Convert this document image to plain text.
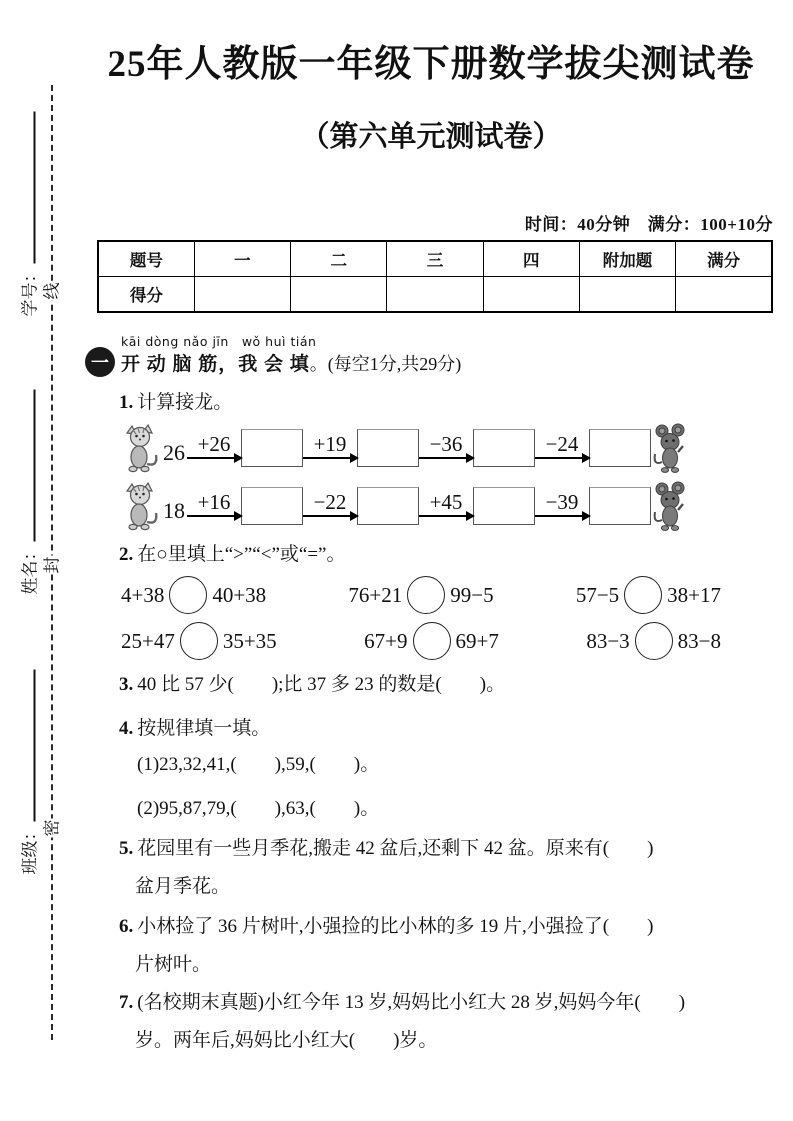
线
封
密
学号：
姓名：
班级：
25年人教版一年级下册数学拔尖测试卷
（第六单元测试卷）
时间：40分钟　满分：100+10分
题号	一	二	三	四	附加题	满分
得分						
一
kāi dòng nǎo jīn　wǒ huì tián
开 动 脑 筋，我 会 填。(每空1分,共29分)
1. 计算接龙。
26 +26	+19	−36	−24
18 +16	−22	+45	−39
2. 在○里填上“>”“<”或“=”。
4+38 40+38	76+21 99−5	57−5 38+17
25+47 35+35	67+9 69+7	83−3 83−8
3. 40 比 57 少(　　);比 37 多 23 的数是(　　)。
4. 按规律填一填。
(1)23,32,41,(　　),59,(　　)。
(2)95,87,79,(　　),63,(　　)。
5. 花园里有一些月季花,搬走 42 盆后,还剩下 42 盆。原来有(　　)
盆月季花。
6. 小林捡了 36 片树叶,小强捡的比小林的多 19 片,小强捡了(　　)
片树叶。
7. (名校期末真题)小红今年 13 岁,妈妈比小红大 28 岁,妈妈今年(　　)
岁。两年后,妈妈比小红大(　　)岁。
